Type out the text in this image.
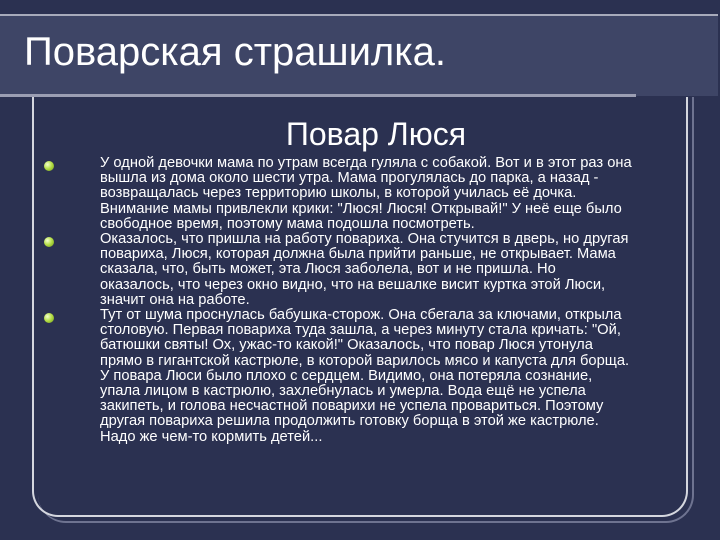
Поварская страшилка.
Повар Люся

У одной девочки мама по утрам всегда гуляла с собакой. Вот и в этот раз она
вышла из дома около шести утра. Мама прогулялась до парка, а назад -
возвращалась через территорию школы, в которой училась её дочка.
Внимание мамы привлекли крики: "Люся! Люся! Открывай!" У неё еще было
свободное время, поэтому мама подошла посмотреть.

Оказалось, что пришла на работу повариха. Она стучится в дверь, но другая
повариха, Люся, которая должна была прийти раньше, не открывает. Мама
сказала, что, быть может, эта Люся заболела, вот и не пришла. Но
оказалось, что через окно видно, что на вешалке висит куртка этой Люси,
значит она на работе.

Тут от шума проснулась бабушка-сторож. Она сбегала за ключами, открыла
столовую. Первая повариха туда зашла, а через минуту стала кричать: "Ой,
батюшки святы! Ох, ужас-то какой!" Оказалось, что повар Люся утонула
прямо в гигантской кастрюле, в которой варилось мясо и капуста для борща.
У повара Люси было плохо с сердцем. Видимо, она потеряла сознание,
упала лицом в кастрюлю, захлебнулась и умерла. Вода ещё не успела
закипеть, и голова несчастной поварихи не успела провариться. Поэтому
другая повариха решила продолжить готовку борща в этой же кастрюле.
Надо же чем-то кормить детей...
